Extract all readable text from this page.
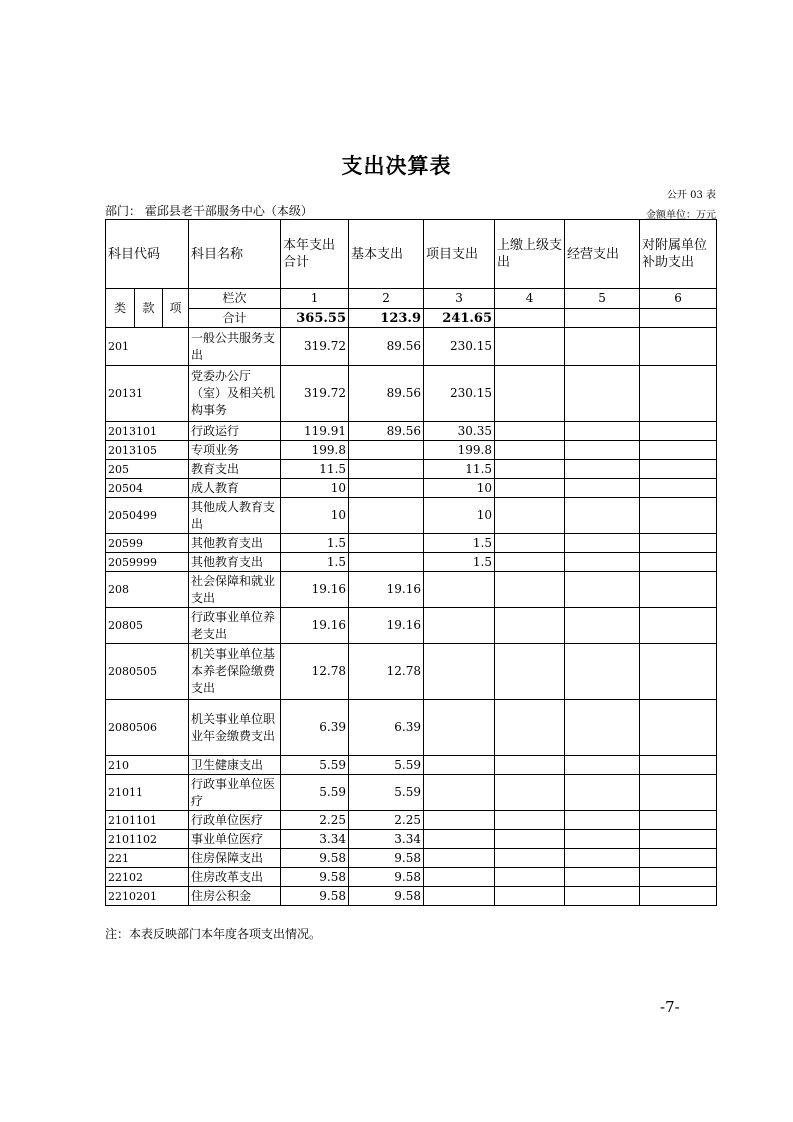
支出决算表
公开 03 表
部门： 霍邱县老干部服务中心（本级）	金额单位：万元
科目代码			科目名称	本年支出合计	基本支出	项目支出	上缴上级支出	经营支出	对附属单位补助支出
类	款	项	栏次	1	2	3	4	5	6
			合计	365.55	123.9	241.65			
201			一般公共服务支出	319.72	89.56	230.15			
20131			党委办公厅（室）及相关机构事务	319.72	89.56	230.15			
2013101			行政运行	119.91	89.56	30.35			
2013105			专项业务	199.8		199.8			
205			教育支出	11.5		11.5			
20504			成人教育	10		10			
2050499			其他成人教育支出	10		10			
20599			其他教育支出	1.5		1.5			
2059999			其他教育支出	1.5		1.5			
208			社会保障和就业支出	19.16	19.16				
20805			行政事业单位养老支出	19.16	19.16				
2080505			机关事业单位基本养老保险缴费支出	12.78	12.78				
2080506			机关事业单位职业年金缴费支出	6.39	6.39				
210			卫生健康支出	5.59	5.59				
21011			行政事业单位医疗	5.59	5.59				
2101101			行政单位医疗	2.25	2.25				
2101102			事业单位医疗	3.34	3.34				
221			住房保障支出	9.58	9.58				
22102			住房改革支出	9.58	9.58				
2210201			住房公积金	9.58	9.58				
注：本表反映部门本年度各项支出情况。
-7-
